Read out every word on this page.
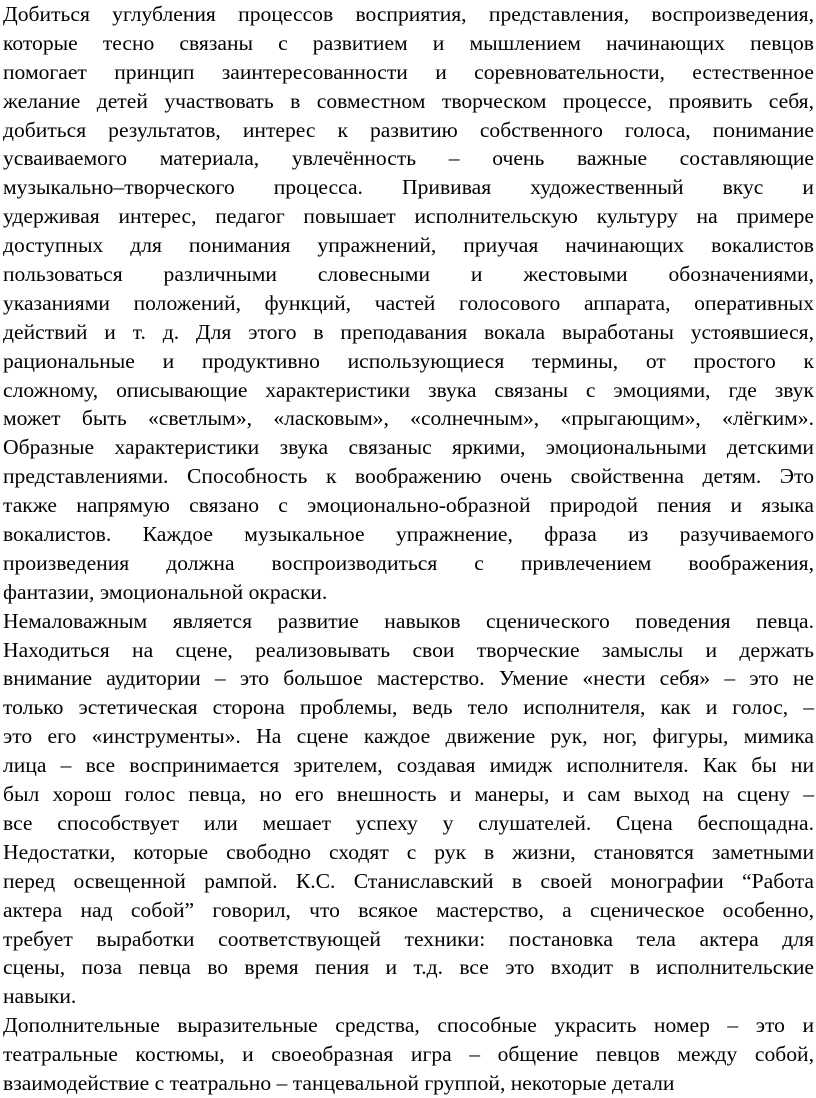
Добиться углубления процессов восприятия, представления, воспроизведения,
которые тесно связаны с развитием и мышлением начинающих певцов
помогает принцип заинтересованности и соревновательности, естественное
желание детей участвовать в совместном творческом процессе, проявить себя,
добиться результатов, интерес к развитию собственного голоса, понимание
усваиваемого материала, увлечённость – очень важные составляющие
музыкально–творческого процесса. Прививая художественный вкус и
удерживая интерес, педагог повышает исполнительскую культуру на примере
доступных для понимания упражнений, приучая начинающих вокалистов
пользоваться различными словесными и жестовыми обозначениями,
указаниями положений, функций, частей голосового аппарата, оперативных
действий и т. д. Для этого в преподавания вокала выработаны устоявшиеся,
рациональные и продуктивно использующиеся термины, от простого к
сложному, описывающие характеристики звука связаны с эмоциями, где звук
может быть «светлым», «ласковым», «солнечным», «прыгающим», «лёгким».
Образные характеристики звука связаныс яркими, эмоциональными детскими
представлениями. Способность к воображению очень свойственна детям. Это
также напрямую связано с эмоционально-образной природой пения и языка
вокалистов. Каждое музыкальное упражнение, фраза из разучиваемого
произведения должна воспроизводиться с привлечением воображения,
фантазии, эмоциональной окраски.
Немаловажным является развитие навыков сценического поведения певца.
Находиться на сцене, реализовывать свои творческие замыслы и держать
внимание аудитории – это большое мастерство. Умение «нести себя» – это не
только эстетическая сторона проблемы, ведь тело исполнителя, как и голос, –
это его «инструменты». На сцене каждое движение рук, ног, фигуры, мимика
лица – все воспринимается зрителем, создавая имидж исполнителя. Как бы ни
был хорош голос певца, но его внешность и манеры, и сам выход на сцену –
все способствует или мешает успеху у слушателей. Сцена беспощадна.
Недостатки, которые свободно сходят с рук в жизни, становятся заметными
перед освещенной рампой. К.С. Станиславский в своей монографии “Работа
актера над собой” говорил, что всякое мастерство, а сценическое особенно,
требует выработки соответствующей техники: постановка тела актера для
сцены, поза певца во время пения и т.д. все это входит в исполнительские
навыки.
Дополнительные выразительные средства, способные украсить номер – это и
театральные костюмы, и своеобразная игра – общение певцов между собой,
взаимодействие с театрально – танцевальной группой, некоторые детали
